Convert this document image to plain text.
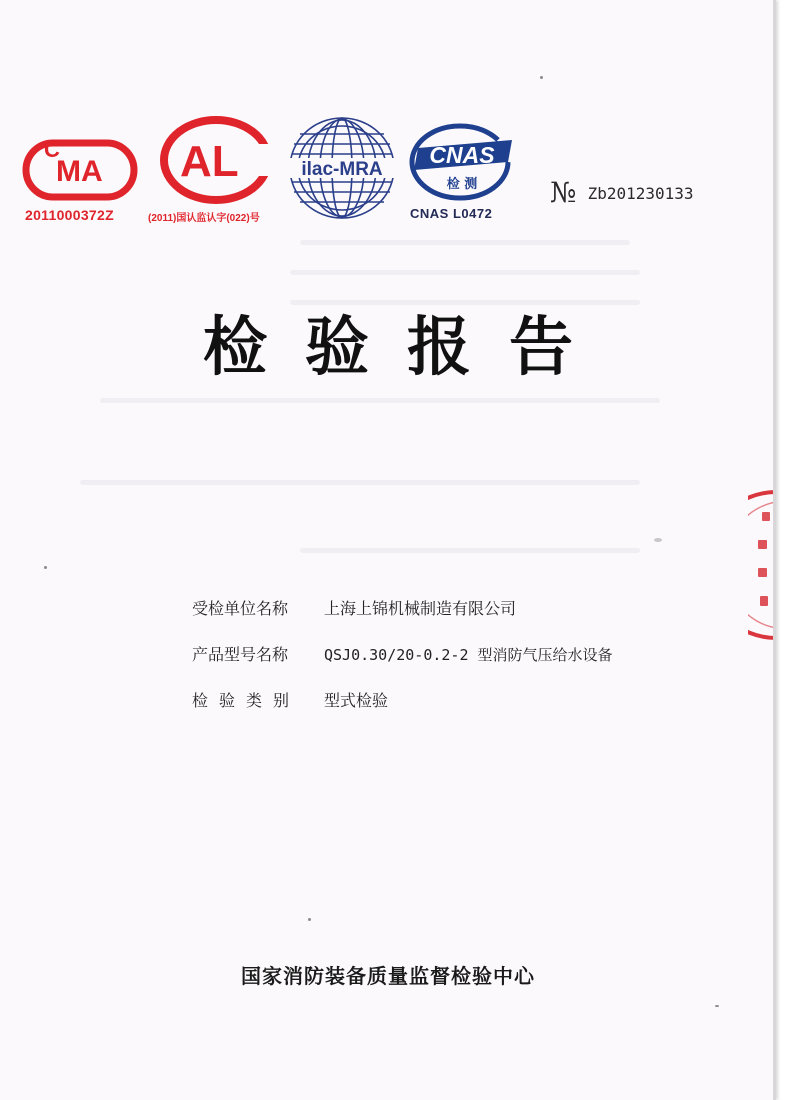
C
MA
2011000372Z
AL
(2011)国认监认字(022)号
ilac-MRA
CNAS
检 测
CNAS L0472
№ Zb201230133
检验报告
受检单位名称 上海上锦机械制造有限公司
产品型号名称 QSJ0.30/20-0.2-2 型消防气压给水设备
检验类别 型式检验
国家消防装备质量监督检验中心
